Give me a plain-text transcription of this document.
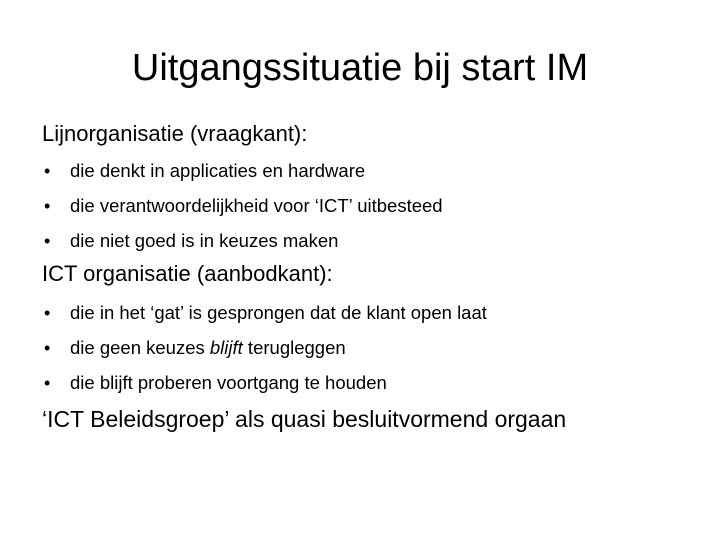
Uitgangssituatie bij start IM
Lijnorganisatie (vraagkant):
• die denkt in applicaties en hardware
• die verantwoordelijkheid voor ‘ICT’ uitbesteed
• die niet goed is in keuzes maken
ICT organisatie (aanbodkant):
• die in het ‘gat’ is gesprongen dat de klant open laat
• die geen keuzes blijft terugleggen
• die blijft proberen voortgang te houden
‘ICT Beleidsgroep’ als quasi besluitvormend orgaan
